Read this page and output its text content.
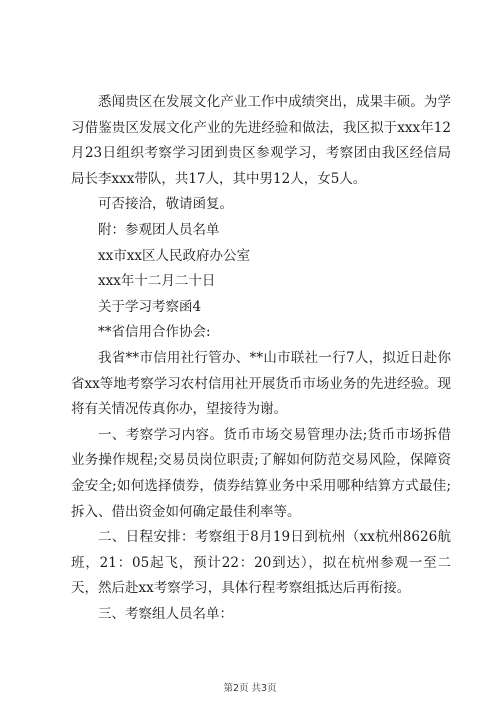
悉闻贵区在发展文化产业工作中成绩突出，成果丰硕。为学习借鉴贵区发展文化产业的先进经验和做法，我区拟于xxx年12月23日组织考察学习团到贵区参观学习，考察团由我区经信局局长李xxx带队，共17人，其中男12人，女5人。

可否接洽，敬请函复。

附：参观团人员名单

xx市xx区人民政府办公室

xxx年十二月二十日

关于学习考察函4

**省信用合作协会:

我省**市信用社行管办、**山市联社一行7人，拟近日赴你省xx等地考察学习农村信用社开展货币市场业务的先进经验。现将有关情况传真你办，望接待为谢。

一、考察学习内容。货币市场交易管理办法;货币市场拆借业务操作规程;交易员岗位职责;了解如何防范交易风险，保障资金安全;如何选择债券，债券结算业务中采用哪种结算方式最佳;拆入、借出资金如何确定最佳利率等。

二、日程安排：考察组于8月19日到杭州（xx杭州8626航班，21：05起飞，预计22：20到达），拟在杭州参观一至二天，然后赴xx考察学习，具体行程考察组抵达后再衔接。

三、考察组人员名单：

第2页 共3页
